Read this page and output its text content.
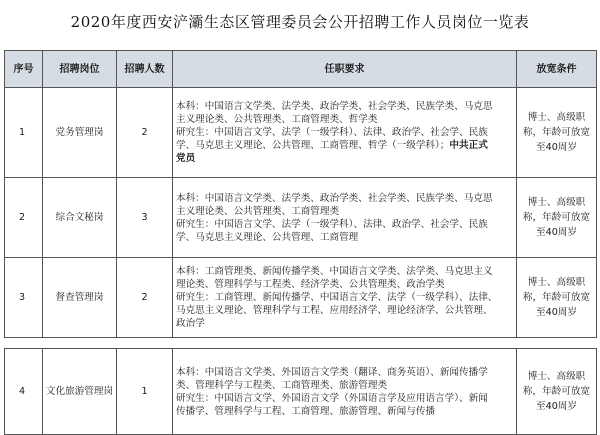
2020年度西安浐灞生态区管理委员会公开招聘工作人员岗位一览表
序号	招聘岗位	招聘人数	任职要求	放宽条件
1	党务管理岗	2	本科：中国语言文学类、法学类、政治学类、社会学类、民族学类、马克思
主义理论类、公共管理类、工商管理类、哲学类
研究生：中国语言文学、法学（一级学科）、法律、政治学、社会学、民族
学、马克思主义理论、公共管理、工商管理、哲学（一级学科）；中共正式
党员	博士、高级职称，年龄可放宽至40周岁
2	综合文秘岗	3	本科：中国语言文学类、法学类、政治学类、社会学类、民族学类、马克思
主义理论类、公共管理类、工商管理类
研究生：中国语言文学、法学（一级学科）、法律、政治学、社会学、民族
学、马克思主义理论、公共管理、工商管理	博士、高级职称，年龄可放宽至40周岁
3	督查管理岗	2	本科：工商管理类、新闻传播学类、中国语言文学类、法学类、马克思主义
理论类、管理科学与工程类、经济学类、公共管理类、政治学类
研究生：工商管理、新闻传播学、中国语言文学、法学（一级学科）、法律、
马克思主义理论、管理科学与工程、应用经济学、理论经济学、公共管理、
政治学	博士、高级职称，年龄可放宽至40周岁

4	文化旅游管理岗	1	本科：中国语言文学类、外国语言文学类（翻译、商务英语）、新闻传播学
类、管理科学与工程类、工商管理类、旅游管理类
研究生：中国语言文学、外国语言文学（外国语言学及应用语言学）、新闻
传播学、管理科学与工程、工商管理、旅游管理、新闻与传播	博士、高级职称，年龄可放宽至40周岁
